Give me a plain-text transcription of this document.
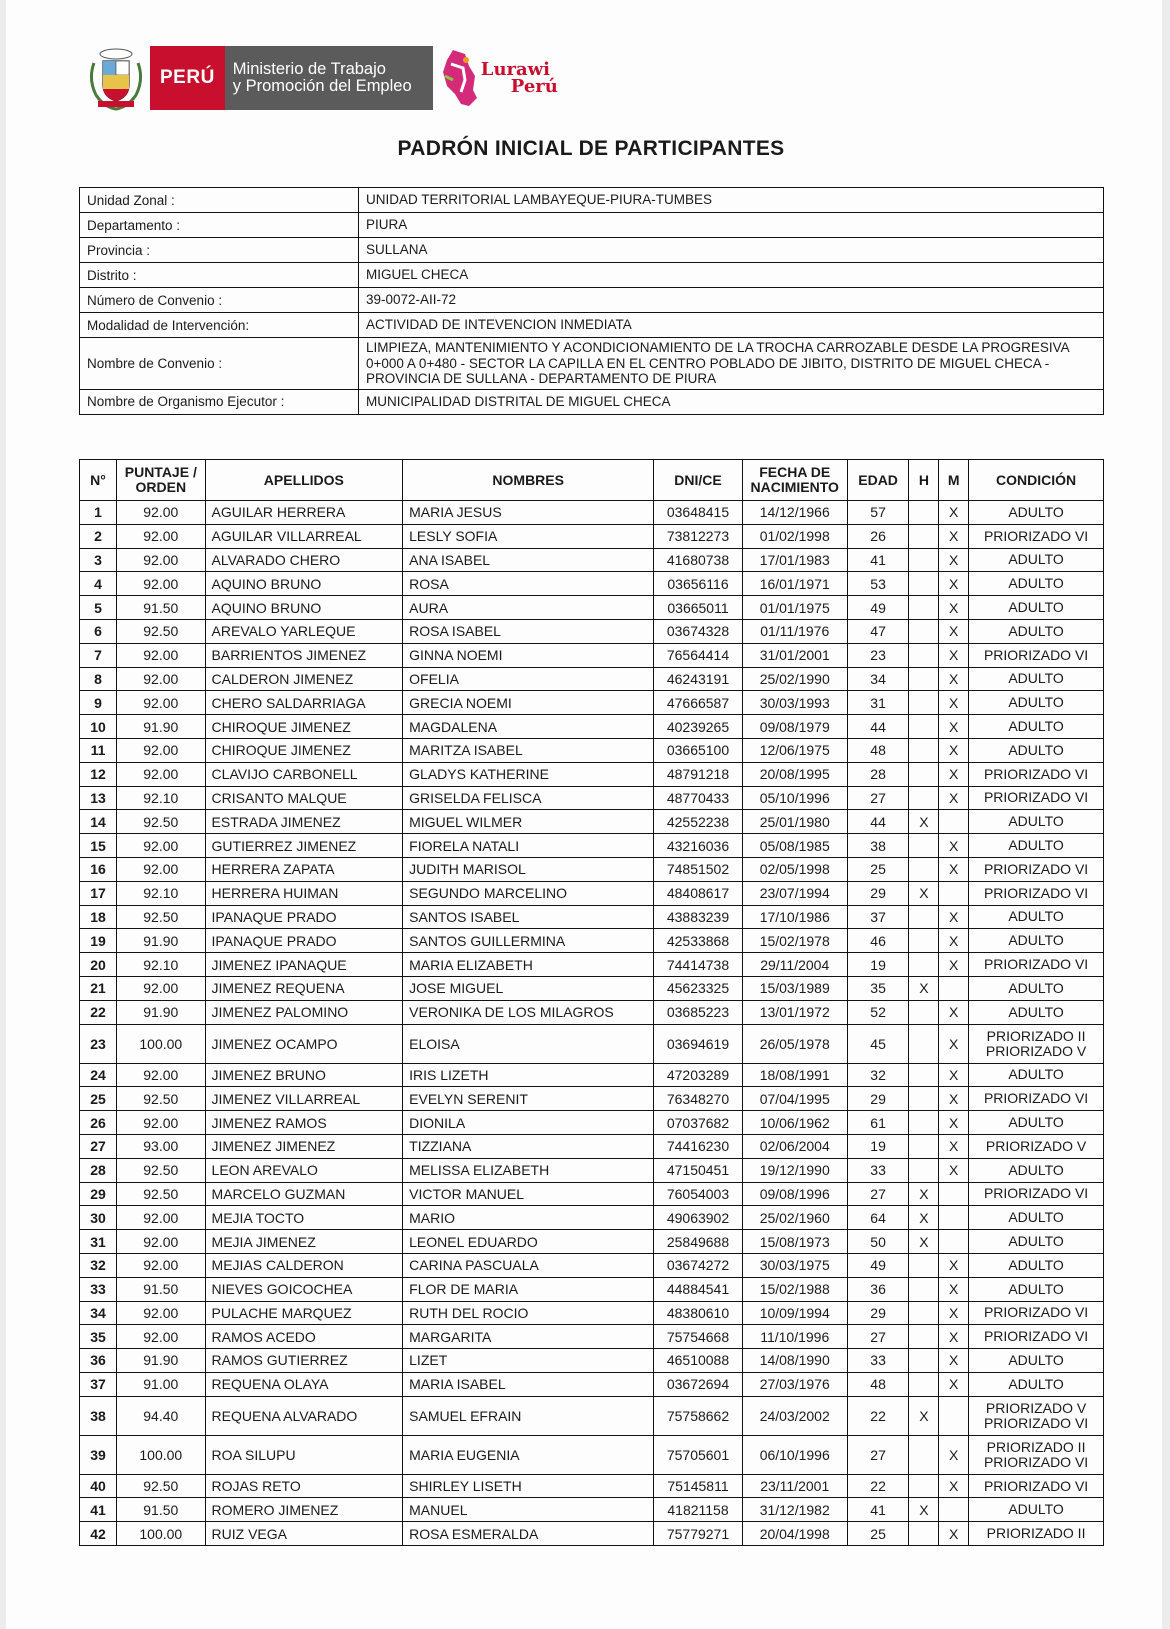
PERÚ	Ministerio de Trabajo
y Promoción del Empleo
Lurawi
Perú
PADRÓN INICIAL DE PARTICIPANTES
Unidad Zonal :	UNIDAD TERRITORIAL LAMBAYEQUE-PIURA-TUMBES
Departamento :	PIURA
Provincia :	SULLANA
Distrito :	MIGUEL CHECA
Número de Convenio :	39-0072-AII-72
Modalidad de Intervención:	ACTIVIDAD DE INTEVENCION INMEDIATA
Nombre de Convenio :	LIMPIEZA, MANTENIMIENTO Y ACONDICIONAMIENTO DE LA TROCHA CARROZABLE DESDE LA PROGRESIVA 0+000 A 0+480 - SECTOR LA CAPILLA EN EL CENTRO POBLADO DE JIBITO, DISTRITO DE MIGUEL CHECA - PROVINCIA DE SULLANA - DEPARTAMENTO DE PIURA
Nombre de Organismo Ejecutor :	MUNICIPALIDAD DISTRITAL DE MIGUEL CHECA
N°	PUNTAJE / ORDEN	APELLIDOS	NOMBRES	DNI/CE	FECHA DE NACIMIENTO	EDAD	H	M	CONDICIÓN
1	92.00	AGUILAR HERRERA	MARIA JESUS	03648415	14/12/1966	57		X	ADULTO

2	92.00	AGUILAR VILLARREAL	LESLY SOFIA	73812273	01/02/1998	26		X	PRIORIZADO VI

3	92.00	ALVARADO CHERO	ANA ISABEL	41680738	17/01/1983	41		X	ADULTO

4	92.00	AQUINO BRUNO	ROSA	03656116	16/01/1971	53		X	ADULTO

5	91.50	AQUINO BRUNO	AURA	03665011	01/01/1975	49		X	ADULTO

6	92.50	AREVALO YARLEQUE	ROSA ISABEL	03674328	01/11/1976	47		X	ADULTO

7	92.00	BARRIENTOS JIMENEZ	GINNA NOEMI	76564414	31/01/2001	23		X	PRIORIZADO VI

8	92.00	CALDERON JIMENEZ	OFELIA	46243191	25/02/1990	34		X	ADULTO

9	92.00	CHERO SALDARRIAGA	GRECIA NOEMI	47666587	30/03/1993	31		X	ADULTO

10	91.90	CHIROQUE JIMENEZ	MAGDALENA	40239265	09/08/1979	44		X	ADULTO

11	92.00	CHIROQUE JIMENEZ	MARITZA ISABEL	03665100	12/06/1975	48		X	ADULTO

12	92.00	CLAVIJO CARBONELL	GLADYS KATHERINE	48791218	20/08/1995	28		X	PRIORIZADO VI

13	92.10	CRISANTO MALQUE	GRISELDA FELISCA	48770433	05/10/1996	27		X	PRIORIZADO VI

14	92.50	ESTRADA JIMENEZ	MIGUEL WILMER	42552238	25/01/1980	44	X		ADULTO

15	92.00	GUTIERREZ JIMENEZ	FIORELA NATALI	43216036	05/08/1985	38		X	ADULTO

16	92.00	HERRERA ZAPATA	JUDITH MARISOL	74851502	02/05/1998	25		X	PRIORIZADO VI

17	92.10	HERRERA HUIMAN	SEGUNDO MARCELINO	48408617	23/07/1994	29	X		PRIORIZADO VI

18	92.50	IPANAQUE PRADO	SANTOS ISABEL	43883239	17/10/1986	37		X	ADULTO

19	91.90	IPANAQUE PRADO	SANTOS GUILLERMINA	42533868	15/02/1978	46		X	ADULTO

20	92.10	JIMENEZ IPANAQUE	MARIA ELIZABETH	74414738	29/11/2004	19		X	PRIORIZADO VI

21	92.00	JIMENEZ REQUENA	JOSE MIGUEL	45623325	15/03/1989	35	X		ADULTO

22	91.90	JIMENEZ PALOMINO	VERONIKA DE LOS MILAGROS	03685223	13/01/1972	52		X	ADULTO

23	100.00	JIMENEZ OCAMPO	ELOISA	03694619	26/05/1978	45		X	PRIORIZADO II
PRIORIZADO V

24	92.00	JIMENEZ BRUNO	IRIS LIZETH	47203289	18/08/1991	32		X	ADULTO

25	92.50	JIMENEZ VILLARREAL	EVELYN SERENIT	76348270	07/04/1995	29		X	PRIORIZADO VI

26	92.00	JIMENEZ RAMOS	DIONILA	07037682	10/06/1962	61		X	ADULTO

27	93.00	JIMENEZ JIMENEZ	TIZZIANA	74416230	02/06/2004	19		X	PRIORIZADO V

28	92.50	LEON AREVALO	MELISSA ELIZABETH	47150451	19/12/1990	33		X	ADULTO

29	92.50	MARCELO GUZMAN	VICTOR MANUEL	76054003	09/08/1996	27	X		PRIORIZADO VI

30	92.00	MEJIA TOCTO	MARIO	49063902	25/02/1960	64	X		ADULTO

31	92.00	MEJIA JIMENEZ	LEONEL EDUARDO	25849688	15/08/1973	50	X		ADULTO

32	92.00	MEJIAS CALDERON	CARINA PASCUALA	03674272	30/03/1975	49		X	ADULTO

33	91.50	NIEVES GOICOCHEA	FLOR DE MARIA	44884541	15/02/1988	36		X	ADULTO

34	92.00	PULACHE MARQUEZ	RUTH DEL ROCIO	48380610	10/09/1994	29		X	PRIORIZADO VI

35	92.00	RAMOS ACEDO	MARGARITA	75754668	11/10/1996	27		X	PRIORIZADO VI

36	91.90	RAMOS GUTIERREZ	LIZET	46510088	14/08/1990	33		X	ADULTO

37	91.00	REQUENA OLAYA	MARIA ISABEL	03672694	27/03/1976	48		X	ADULTO

38	94.40	REQUENA ALVARADO	SAMUEL EFRAIN	75758662	24/03/2002	22	X		PRIORIZADO V
PRIORIZADO VI

39	100.00	ROA SILUPU	MARIA EUGENIA	75705601	06/10/1996	27		X	PRIORIZADO II
PRIORIZADO VI

40	92.50	ROJAS RETO	SHIRLEY LISETH	75145811	23/11/2001	22		X	PRIORIZADO VI

41	91.50	ROMERO JIMENEZ	MANUEL	41821158	31/12/1982	41	X		ADULTO

42	100.00	RUIZ VEGA	ROSA ESMERALDA	75779271	20/04/1998	25		X	PRIORIZADO II
